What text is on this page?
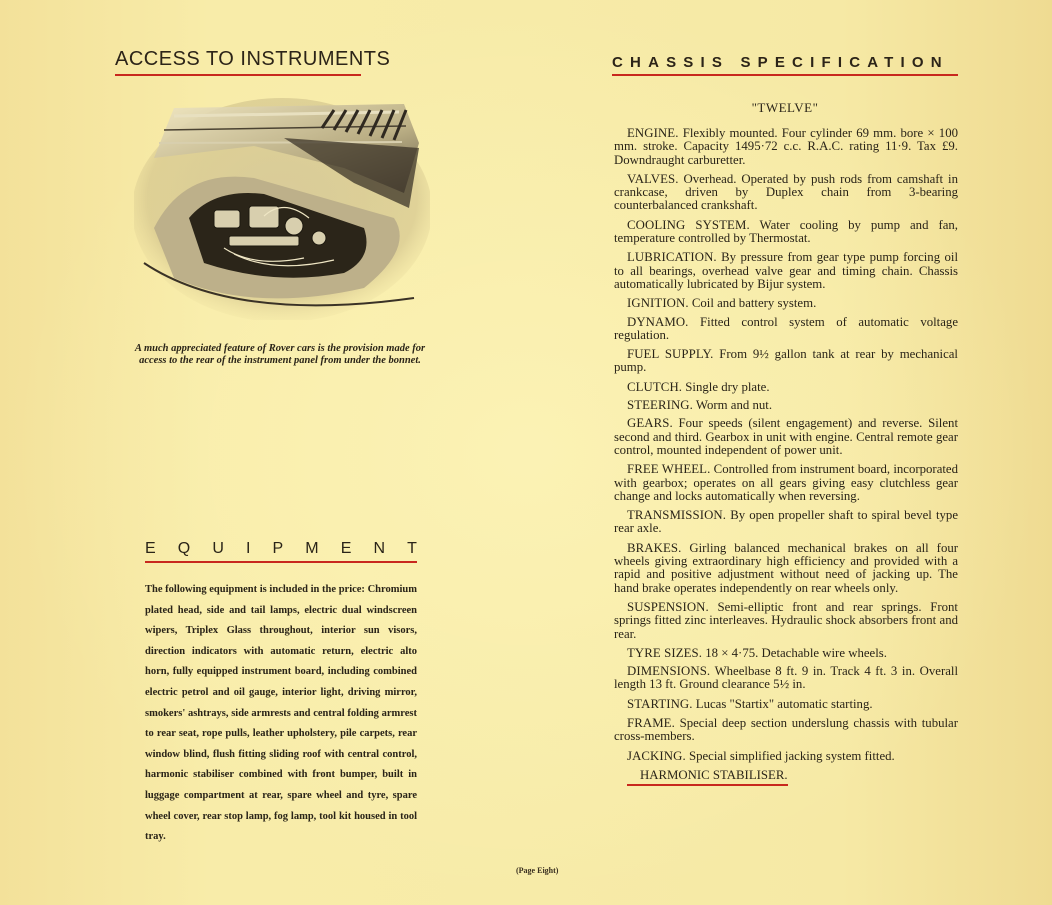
ACCESS TO INSTRUMENTS
A much appreciated feature of Rover cars is the provision made for access to the rear of the instrument panel from under the bonnet.
E Q U I P M E N T
The following equipment is included in the price: Chromium plated head, side and tail lamps, electric dual windscreen wipers, Triplex Glass throughout, interior sun visors, direction indicators with automatic return, electric alto horn, fully equipped instrument board, including combined electric petrol and oil gauge, interior light, driving mirror, smokers' ashtrays, side armrests and central folding armrest to rear seat, rope pulls, leather upholstery, pile carpets, rear window blind, flush fitting sliding roof with central control, harmonic stabiliser combined with front bumper, built in luggage compartment at rear, spare wheel and tyre, spare wheel cover, rear stop lamp, fog lamp, tool kit housed in tool tray.
(Page Eight)
CHASSIS SPECIFICATION
"TWELVE"

ENGINE. Flexibly mounted. Four cylinder 69 mm. bore × 100 mm. stroke. Capacity 1495·72 c.c. R.A.C. rating 11·9. Tax £9. Downdraught carburetter.

VALVES. Overhead. Operated by push rods from camshaft in crankcase, driven by Duplex chain from 3-bearing counterbalanced crankshaft.

COOLING SYSTEM. Water cooling by pump and fan, temperature controlled by Thermostat.

LUBRICATION. By pressure from gear type pump forcing oil to all bearings, overhead valve gear and timing chain. Chassis automatically lubricated by Bijur system.

IGNITION. Coil and battery system.

DYNAMO. Fitted control system of automatic voltage regulation.

FUEL SUPPLY. From 9½ gallon tank at rear by mechanical pump.

CLUTCH. Single dry plate.

STEERING. Worm and nut.

GEARS. Four speeds (silent engagement) and reverse. Silent second and third. Gearbox in unit with engine. Central remote gear control, mounted independent of power unit.

FREE WHEEL. Controlled from instrument board, incorporated with gearbox; operates on all gears giving easy clutchless gear change and locks automatically when reversing.

TRANSMISSION. By open propeller shaft to spiral bevel type rear axle.

BRAKES. Girling balanced mechanical brakes on all four wheels giving extraordinary high efficiency and provided with a rapid and positive adjustment without need of jacking up. The hand brake operates independently on rear wheels only.

SUSPENSION. Semi-elliptic front and rear springs. Front springs fitted zinc interleaves. Hydraulic shock absorbers front and rear.

TYRE SIZES. 18 × 4·75. Detachable wire wheels.

DIMENSIONS. Wheelbase 8 ft. 9 in. Track 4 ft. 3 in. Overall length 13 ft. Ground clearance 5½ in.

STARTING. Lucas "Startix" automatic starting.

FRAME. Special deep section underslung chassis with tubular cross-members.

JACKING. Special simplified jacking system fitted.

HARMONIC STABILISER.
